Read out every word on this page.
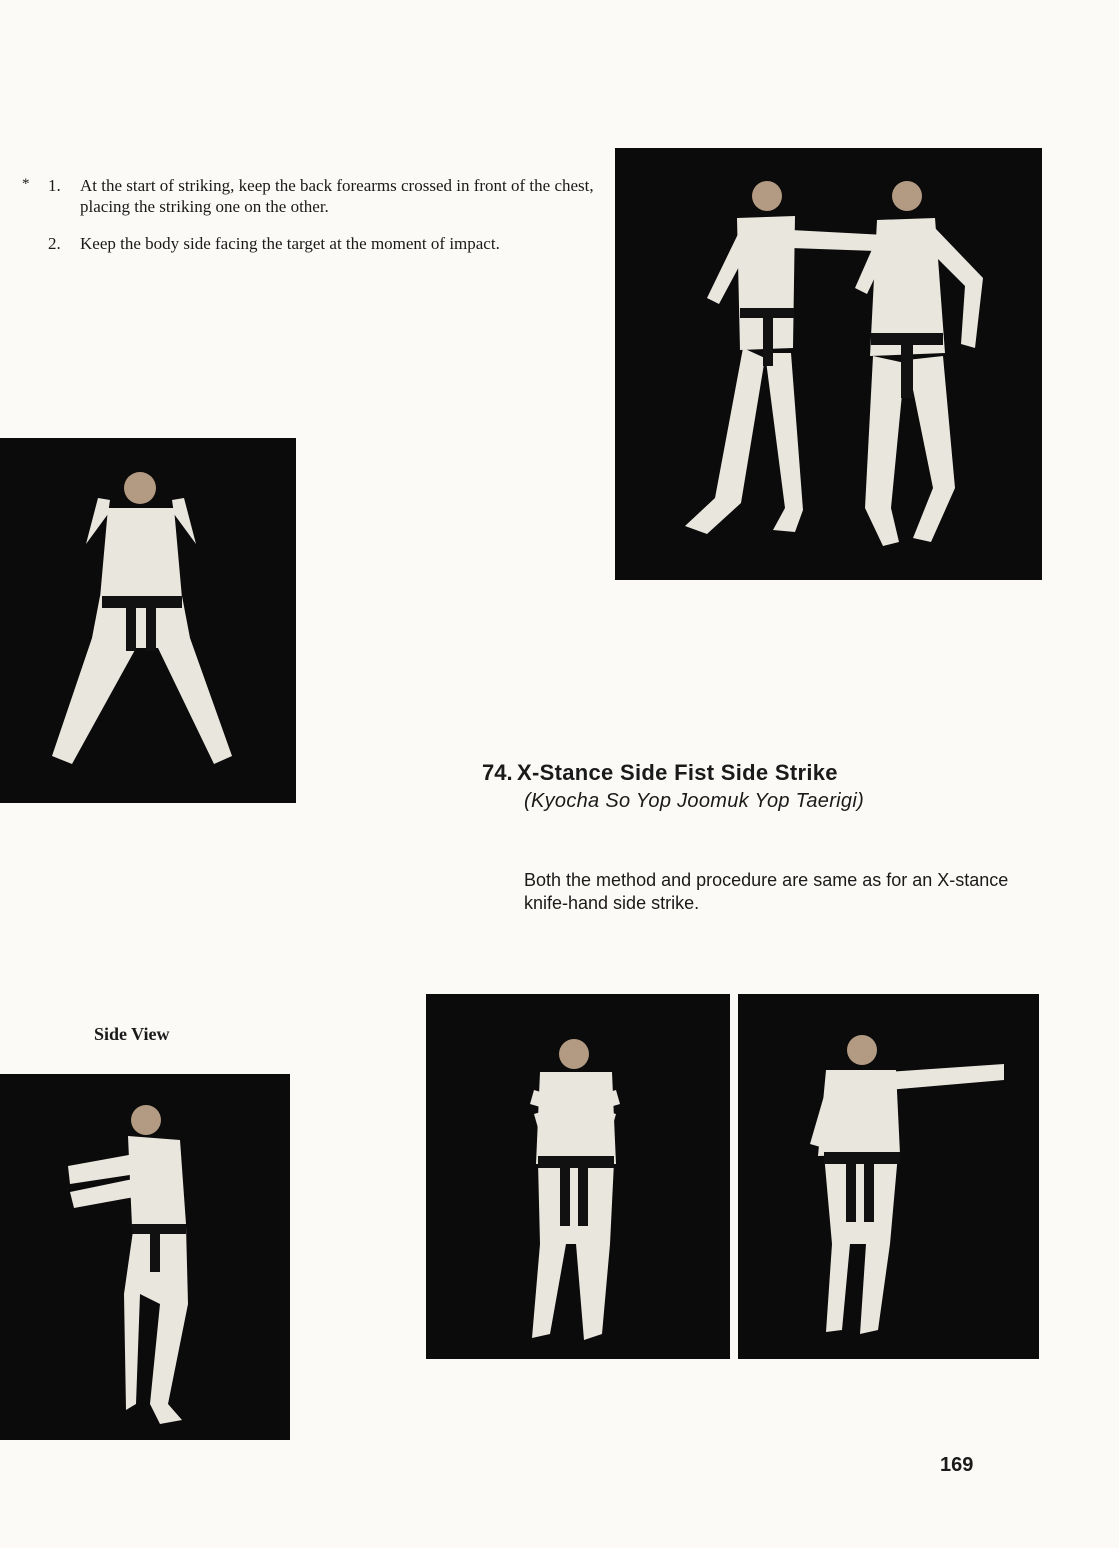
* 1. At the start of striking, keep the back forearms crossed in front of the chest, placing the striking one on the other.
2. Keep the body side facing the target at the moment of impact.
74. X-Stance Side Fist Side Strike
(Kyocha So Yop Joomuk Yop Taerigi)
Both the method and procedure are same as for an X-stance knife-hand side strike.
Side View
169
